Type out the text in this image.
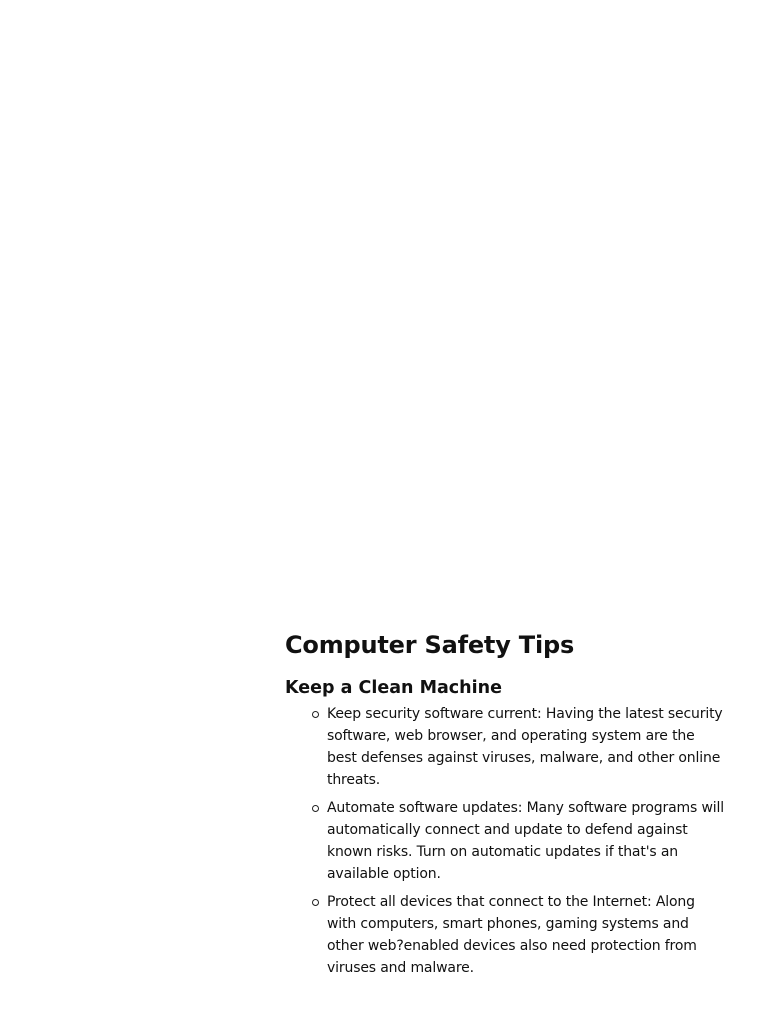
Computer Safety Tips
Keep a Clean Machine
Keep security software current: Having the latest security software, web browser, and operating system are the best defenses against viruses, malware, and other online threats.
Automate software updates: Many software programs will automatically connect and update to defend against known risks. Turn on automatic updates if that's an available option.
Protect all devices that connect to the Internet: Along with computers, smart phones, gaming systems and other web?enabled devices also need protection from viruses and malware.
